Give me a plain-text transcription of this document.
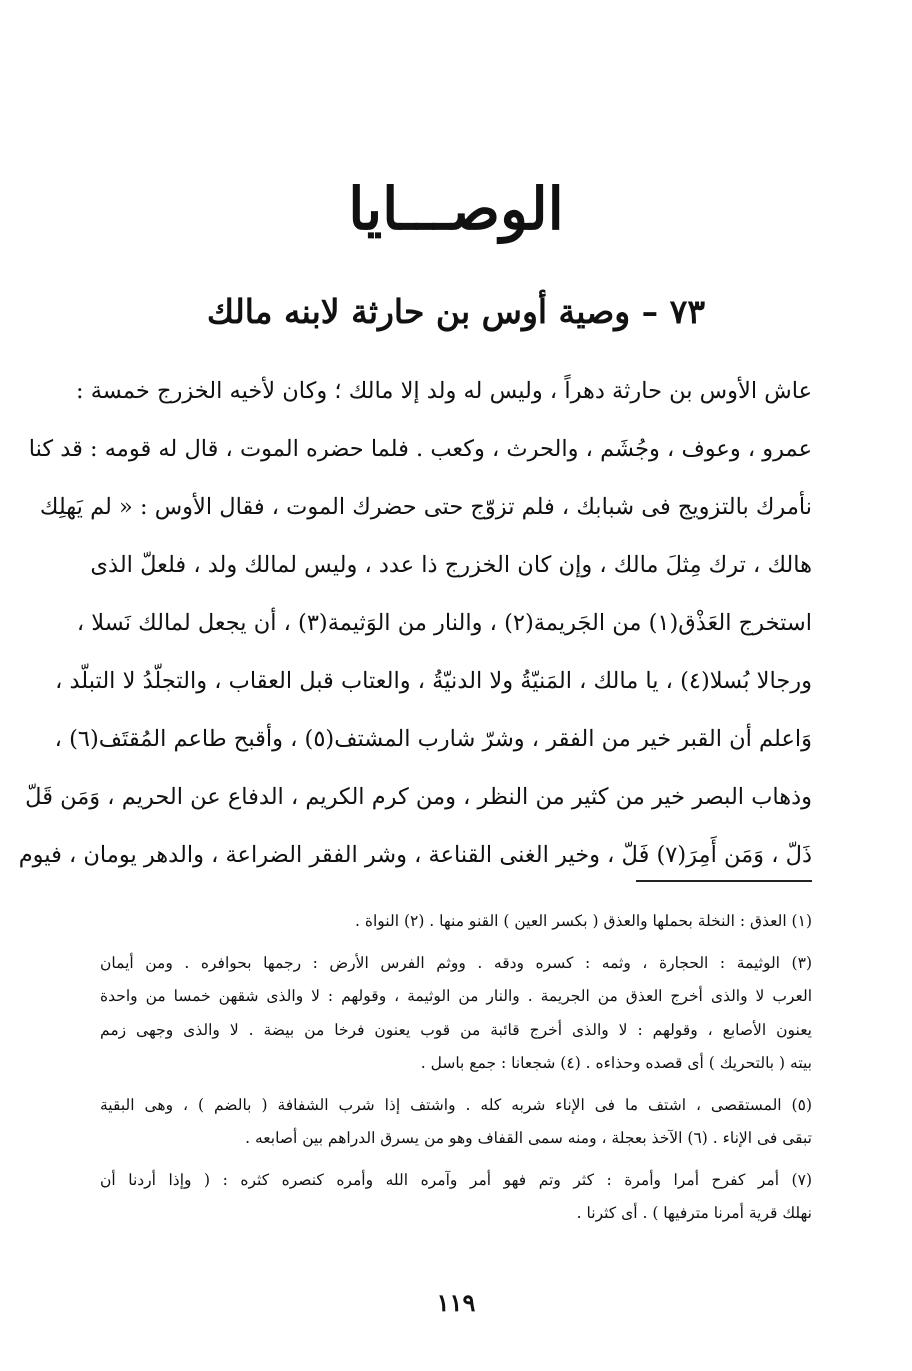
الوصـــايا
٧٣ – وصية أوس بن حارثة لابنه مالك
عاش الأوس بن حارثة دهراً ، وليس له ولد إلا مالك ؛ وكان لأخيه الخزرج خمسة :
عمرو ، وعوف ، وجُشَم ، والحرث ، وكعب . فلما حضره الموت ، قال له قومه : قد كنا
نأمرك بالتزويج فى شبابك ، فلم تزوّج حتى حضرك الموت ، فقال الأوس : « لم يَهلِك
هالك ، ترك مِثلَ مالك ، وإن كان الخزرج ذا عدد ، وليس لمالك ولد ، فلعلّ الذى
استخرج العَذْق(١) من الجَريمة(٢) ، والنار من الوَثيمة(٣) ، أن يجعل لمالك نَسلا ،
ورجالا بُسلا(٤) ، يا مالك ، المَنيّةُ ولا الدنيّةُ ، والعتاب قبل العقاب ، والتجلّدُ لا التبلّد ،
وَاعلم أن القبر خير من الفقر ، وشرّ شارب المشتف(٥) ، وأقبح طاعم المُقتَف(٦) ،
وذهاب البصر خير من كثير من النظر ، ومن كرم الكريم ، الدفاع عن الحريم ، وَمَن قَلّ
ذَلّ ، وَمَن أَمِرَ(٧) فَلّ ، وخير الغنى القناعة ، وشر الفقر الضراعة ، والدهر يومان ، فيوم
(١) العذق : النخلة بحملها والعذق ( بكسر العين ) القنو منها . (٢) النواة .
(٣) الوثيمة : الحجارة ، وثمه : كسره ودقه . ووثم الفرس الأرض : رجمها بحوافره . ومن أيمان
العرب لا والذى أخرج العذق من الجريمة . والنار من الوثيمة ، وقولهم : لا والذى شقهن خمسا من واحدة
يعنون الأصابع ، وقولهم : لا والذى أخرج قائبة من قوب يعنون فرخا من بيضة . لا والذى وجهى زمم
بيته ( بالتحريك ) أى قصده وحذاءه . (٤) شجعانا : جمع باسل .
(٥) المستقصى ، اشتف ما فى الإناء شربه كله . واشتف إذا شرب الشفافة ( بالضم ) ، وهى البقية
تبقى فى الإناء . (٦) الآخذ بعجلة ، ومنه سمى القفاف وهو من يسرق الدراهم بين أصابعه .
(٧) أمر كفرح أمرا وأمرة : كثر وتم فهو أمر وآمره الله وأمره كنصره كثره : ( وإذا أردنا أن
نهلك قرية أمرنا مترفيها ) . أى كثرنا .
١١٩
